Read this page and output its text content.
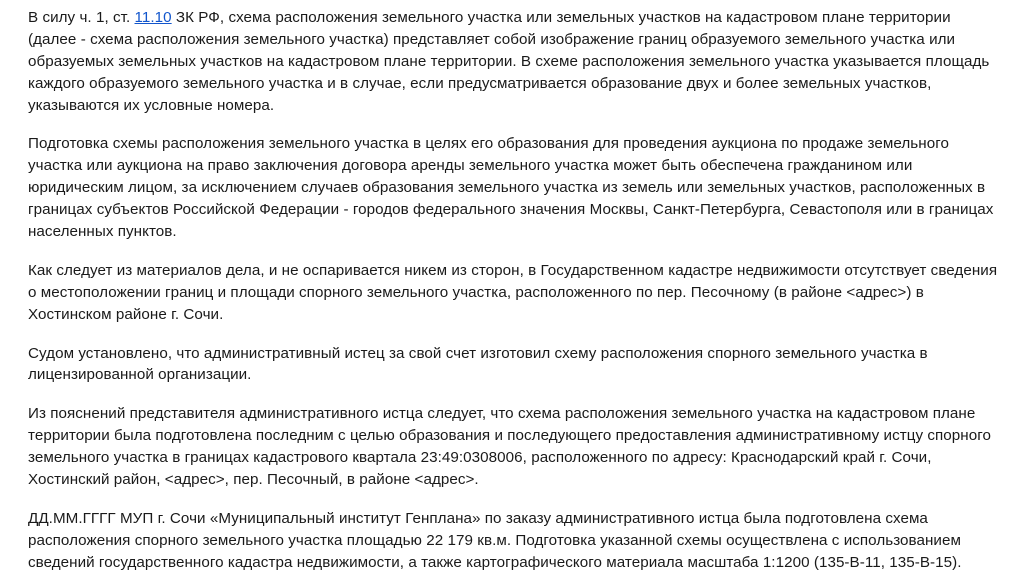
В силу ч. 1, ст. 11.10 ЗК РФ, схема расположения земельного участка или земельных участков на кадастровом плане территории (далее - схема расположения земельного участка) представляет собой изображение границ образуемого земельного участка или образуемых земельных участков на кадастровом плане территории. В схеме расположения земельного участка указывается площадь каждого образуемого земельного участка и в случае, если предусматривается образование двух и более земельных участков, указываются их условные номера.

Подготовка схемы расположения земельного участка в целях его образования для проведения аукциона по продаже земельного участка или аукциона на право заключения договора аренды земельного участка может быть обеспечена гражданином или юридическим лицом, за исключением случаев образования земельного участка из земель или земельных участков, расположенных в границах субъектов Российской Федерации - городов федерального значения Москвы, Санкт-Петербурга, Севастополя или в границах населенных пунктов.

Как следует из материалов дела, и не оспаривается никем из сторон, в Государственном кадастре недвижимости отсутствует сведения о местоположении границ и площади спорного земельного участка, расположенного по пер. Песочному (в районе <адрес>) в Хостинском районе г. Сочи.

Судом установлено, что административный истец за свой счет изготовил схему расположения спорного земельного участка в лицензированной организации.

Из пояснений представителя административного истца следует, что схема расположения земельного участка на кадастровом плане территории была подготовлена последним с целью образования и последующего предоставления административному истцу спорного земельного участка в границах кадастрового квартала 23:49:0308006, расположенного по адресу: Краснодарский край г. Сочи, Хостинский район, <адрес>, пер. Песочный, в районе <адрес>.

ДД.ММ.ГГГГ МУП г. Сочи «Муниципальный институт Генплана» по заказу административного истца была подготовлена схема расположения спорного земельного участка площадью 22 179 кв.м. Подготовка указанной схемы осуществлена с использованием сведений государственного кадастра недвижимости, а также картографического материала масштаба 1:1200 (135-В-11, 135-В-15).
